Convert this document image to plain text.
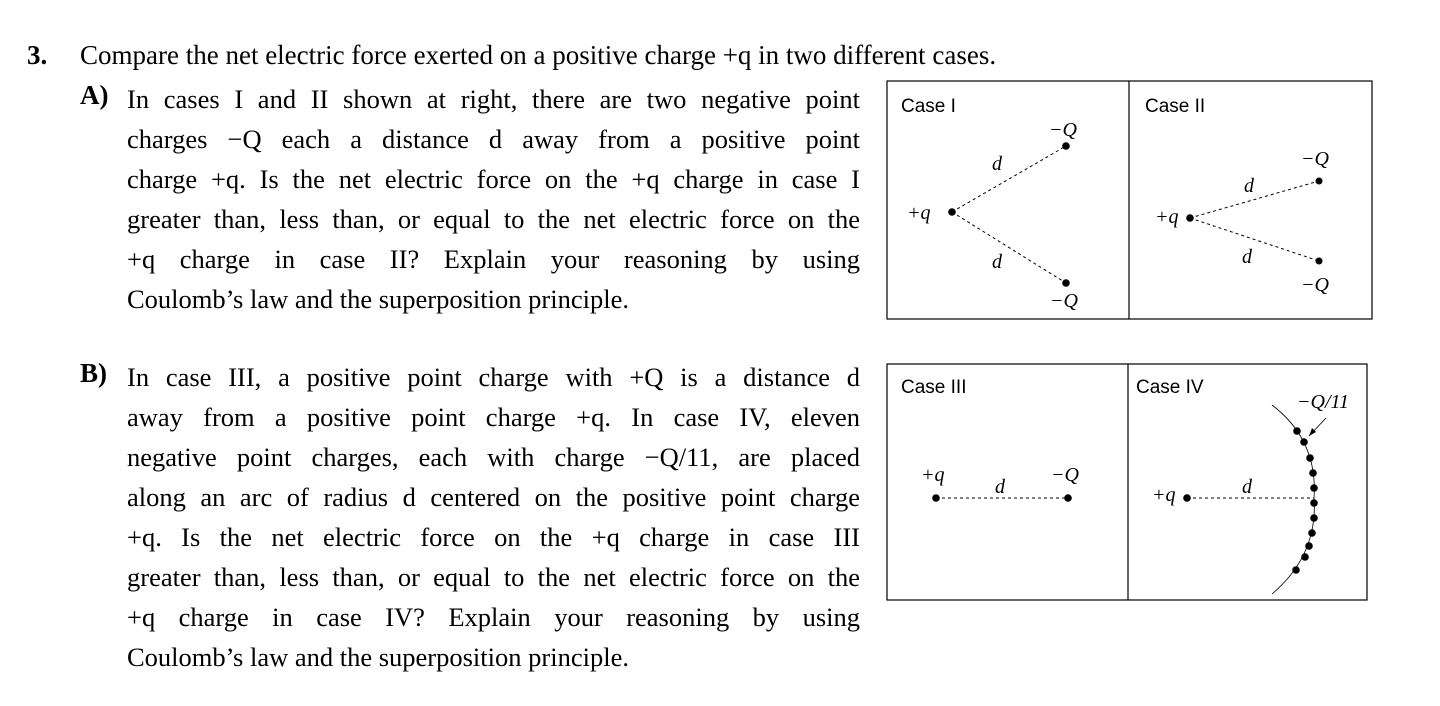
3. Compare the net electric force exerted on a positive charge +q in two different cases.
A) In cases I and II shown at right, there are two negative point
charges −Q each a distance d away from a positive point
charge +q. Is the net electric force on the +q charge in case I
greater than, less than, or equal to the net electric force on the
+q charge in case II? Explain your reasoning by using
Coulomb’s law and the superposition principle.
B) In case III, a positive point charge with +Q is a distance d
away from a positive point charge +q. In case IV, eleven
negative point charges, each with charge −Q/11, are placed
along an arc of radius d centered on the positive point charge
+q. Is the net electric force on the +q charge in case III
greater than, less than, or equal to the net electric force on the
+q charge in case IV? Explain your reasoning by using
Coulomb’s law and the superposition principle.
Case I
+q
−Q
−Q
d
d
Case II
+q
−Q
−Q
d
d
Case III
+q	−Q
d
Case IV
+q
−Q/11
d
